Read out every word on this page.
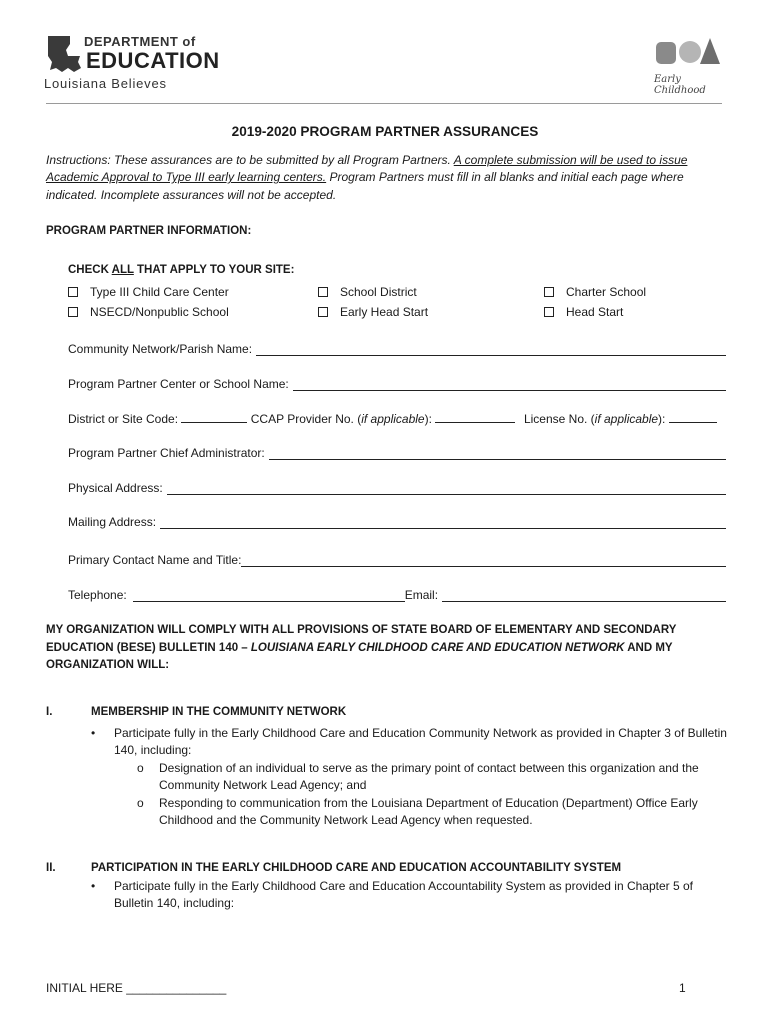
DEPARTMENT of
EDUCATION
Louisiana Believes	Early Childhood
2019-2020 PROGRAM PARTNER ASSURANCES
Instructions: These assurances are to be submitted by all Program Partners. A complete submission will be used to issue Academic Approval to Type III early learning centers. Program Partners must fill in all blanks and initial each page where indicated. Incomplete assurances will not be accepted.
PROGRAM PARTNER INFORMATION:
CHECK ALL THAT APPLY TO YOUR SITE:
Type III Child Care Center	School District	Charter School
NSECD/Nonpublic School	Early Head Start	Head Start
Community Network/Parish Name:
Program Partner Center or School Name:
District or Site Code:	CCAP Provider No. (if applicable):	License No. (if applicable):
Program Partner Chief Administrator:
Physical Address:
Mailing Address:
Primary Contact Name and Title:
Telephone:	Email:
MY ORGANIZATION WILL COMPLY WITH ALL PROVISIONS OF STATE BOARD OF ELEMENTARY AND SECONDARY EDUCATION (BESE) BULLETIN 140 – LOUISIANA EARLY CHILDHOOD CARE AND EDUCATION NETWORK AND MY ORGANIZATION WILL:
I.	MEMBERSHIP IN THE COMMUNITY NETWORK
• Participate fully in the Early Childhood Care and Education Community Network as provided in Chapter 3 of Bulletin 140, including:
o Designation of an individual to serve as the primary point of contact between this organization and the Community Network Lead Agency; and
o Responding to communication from the Louisiana Department of Education (Department) Office Early Childhood and the Community Network Lead Agency when requested.
II.	PARTICIPATION IN THE EARLY CHILDHOOD CARE AND EDUCATION ACCOUNTABILITY SYSTEM
• Participate fully in the Early Childhood Care and Education Accountability System as provided in Chapter 5 of Bulletin 140, including:
INITIAL HERE _______________	1
